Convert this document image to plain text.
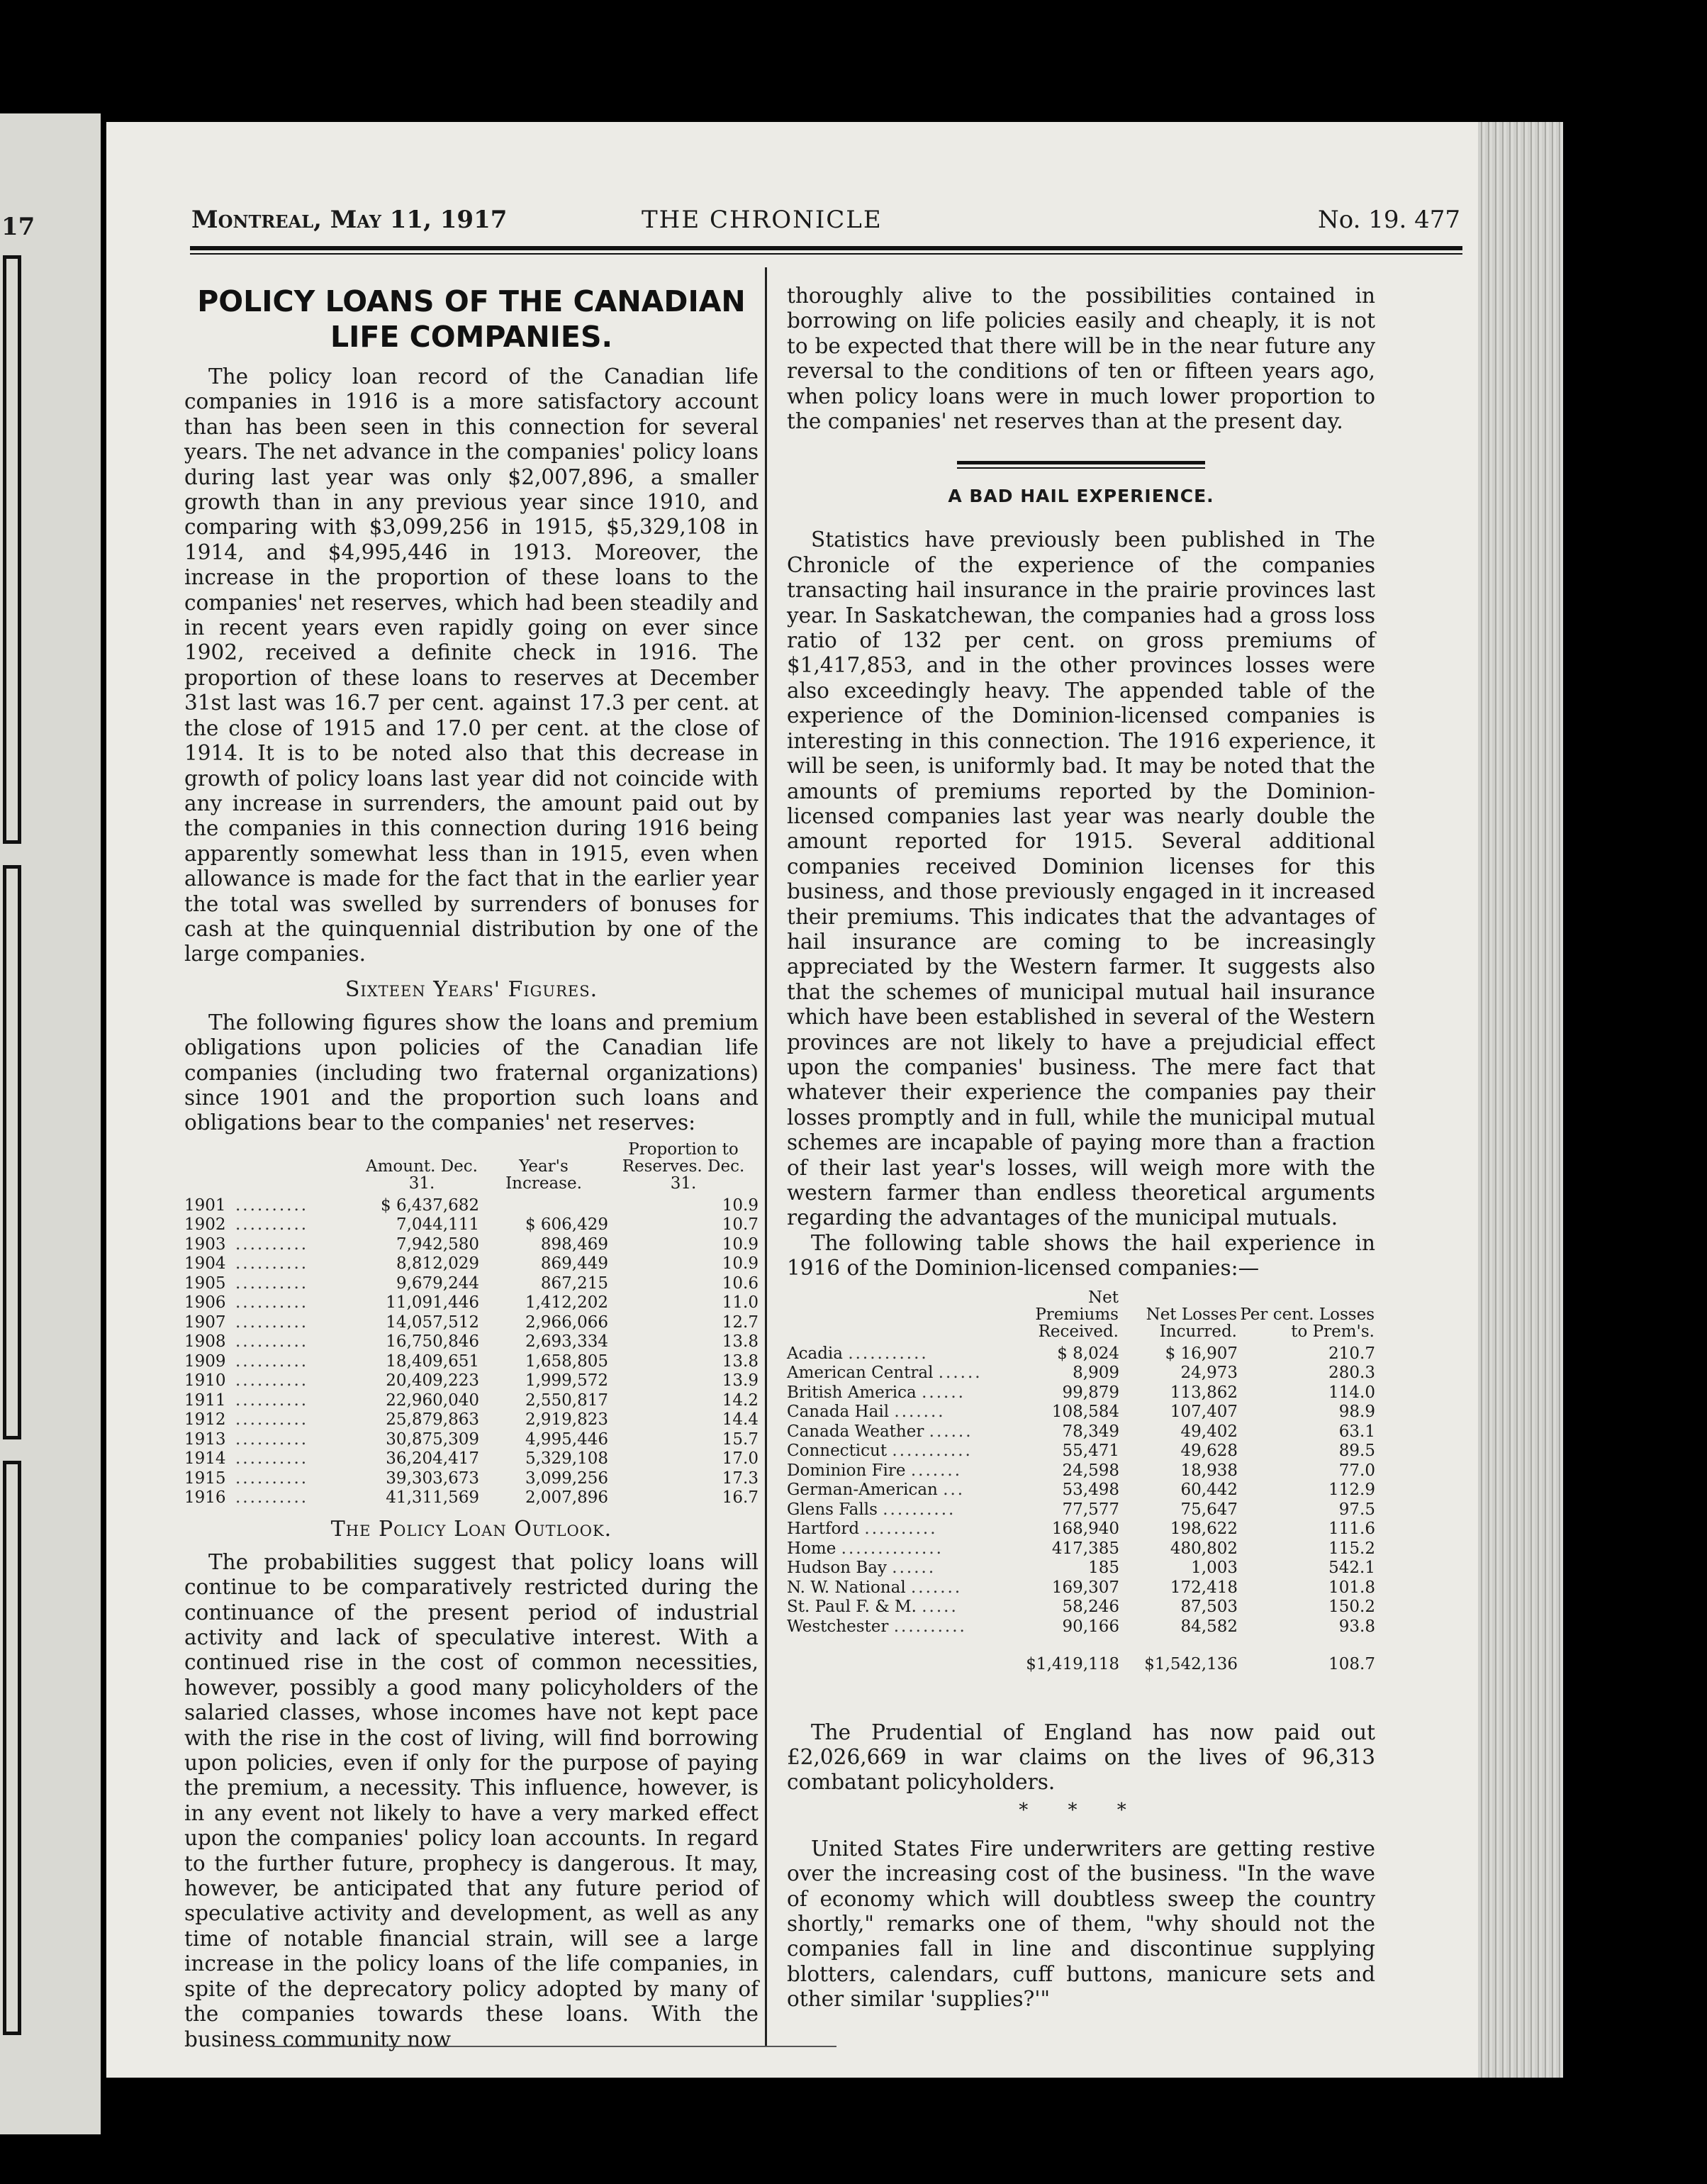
17	Montreal, May 11, 1917	THE CHRONICLE	No. 19. 477
POLICY LOANS OF THE CANADIAN LIFE COMPANIES.

The policy loan record of the Canadian life companies in 1916 is a more satisfactory account than has been seen in this connection for several years. The net advance in the companies' policy loans during last year was only $2,007,896, a smaller growth than in any previous year since 1910, and comparing with $3,099,256 in 1915, $5,329,108 in 1914, and $4,995,446 in 1913. Moreover, the increase in the proportion of these loans to the companies' net reserves, which had been steadily and in recent years even rapidly going on ever since 1902, received a definite check in 1916. The proportion of these loans to reserves at December 31st last was 16.7 per cent. against 17.3 per cent. at the close of 1915 and 17.0 per cent. at the close of 1914. It is to be noted also that this decrease in growth of policy loans last year did not coincide with any increase in surrenders, the amount paid out by the companies in this connection during 1916 being apparently somewhat less than in 1915, even when allowance is made for the fact that in the earlier year the total was swelled by surrenders of bonuses for cash at the quinquennial distribution by one of the large companies.

Sixteen Years' Figures.

The following figures show the loans and premium obligations upon policies of the Canadian life companies (including two fraternal organizations) since 1901 and the proportion such loans and obligations bear to the companies' net reserves:

		Amount. Dec. 31.	Year's Increase.	Proportion to Reserves. Dec. 31.
1901	..........	$ 6,437,682		10.9
1902	..........	7,044,111	$ 606,429	10.7
1903	..........	7,942,580	898,469	10.9
1904	..........	8,812,029	869,449	10.9
1905	..........	9,679,244	867,215	10.6
1906	..........	11,091,446	1,412,202	11.0
1907	..........	14,057,512	2,966,066	12.7
1908	..........	16,750,846	2,693,334	13.8
1909	..........	18,409,651	1,658,805	13.8
1910	..........	20,409,223	1,999,572	13.9
1911	..........	22,960,040	2,550,817	14.2
1912	..........	25,879,863	2,919,823	14.4
1913	..........	30,875,309	4,995,446	15.7
1914	..........	36,204,417	5,329,108	17.0
1915	..........	39,303,673	3,099,256	17.3
1916	..........	41,311,569	2,007,896	16.7
The Policy Loan Outlook.

The probabilities suggest that policy loans will continue to be comparatively restricted during the continuance of the present period of industrial activity and lack of speculative interest. With a continued rise in the cost of common necessities, however, possibly a good many policyholders of the salaried classes, whose incomes have not kept pace with the rise in the cost of living, will find borrowing upon policies, even if only for the purpose of paying the premium, a necessity. This influence, however, is in any event not likely to have a very marked effect upon the companies' policy loan accounts. In regard to the further future, prophecy is dangerous. It may, however, be anticipated that any future period of speculative activity and development, as well as any time of notable financial strain, will see a large increase in the policy loans of the life companies, in spite of the deprecatory policy adopted by many of the companies towards these loans. With the business community now

thoroughly alive to the possibilities contained in borrowing on life policies easily and cheaply, it is not to be expected that there will be in the near future any reversal to the conditions of ten or fifteen years ago, when policy loans were in much lower proportion to the companies' net reserves than at the present day.

A BAD HAIL EXPERIENCE.

Statistics have previously been published in The Chronicle of the experience of the companies transacting hail insurance in the prairie provinces last year. In Saskatchewan, the companies had a gross loss ratio of 132 per cent. on gross premiums of $1,417,853, and in the other provinces losses were also exceedingly heavy. The appended table of the experience of the Dominion-licensed companies is interesting in this connection. The 1916 experience, it will be seen, is uniformly bad. It may be noted that the amounts of premiums reported by the Dominion-licensed companies last year was nearly double the amount reported for 1915. Several additional companies received Dominion licenses for this business, and those previously engaged in it increased their premiums. This indicates that the advantages of hail insurance are coming to be increasingly appreciated by the Western farmer. It suggests also that the schemes of municipal mutual hail insurance which have been established in several of the Western provinces are not likely to have a prejudicial effect upon the companies' business. The mere fact that whatever their experience the companies pay their losses promptly and in full, while the municipal mutual schemes are incapable of paying more than a fraction of their last year's losses, will weigh more with the western farmer than endless theoretical arguments regarding the advantages of the municipal mutuals.

The following table shows the hail experience in 1916 of the Dominion-licensed companies:—

	Net Premiums Received.	Net Losses Incurred.	Per cent. Losses to Prem's.
Acadia ...........	$ 8,024	$ 16,907	210.7
American Central ......	8,909	24,973	280.3
British America ......	99,879	113,862	114.0
Canada Hail .......	108,584	107,407	98.9
Canada Weather ......	78,349	49,402	63.1
Connecticut ...........	55,471	49,628	89.5
Dominion Fire .......	24,598	18,938	77.0
German-American ...	53,498	60,442	112.9
Glens Falls ..........	77,577	75,647	97.5
Hartford ..........	168,940	198,622	111.6
Home ..............	417,385	480,802	115.2
Hudson Bay ......	185	1,003	542.1
N. W. National .......	169,307	172,418	101.8
St. Paul F. & M. .....	58,246	87,503	150.2
Westchester ..........	90,166	84,582	93.8
	$1,419,118	$1,542,136	108.7

The Prudential of England has now paid out £2,026,669 in war claims on the lives of 96,313 combatant policyholders.

* * *

United States Fire underwriters are getting restive over the increasing cost of the business. "In the wave of economy which will doubtless sweep the country shortly," remarks one of them, "why should not the companies fall in line and discontinue supplying blotters, calendars, cuff buttons, manicure sets and other similar 'supplies?'"
